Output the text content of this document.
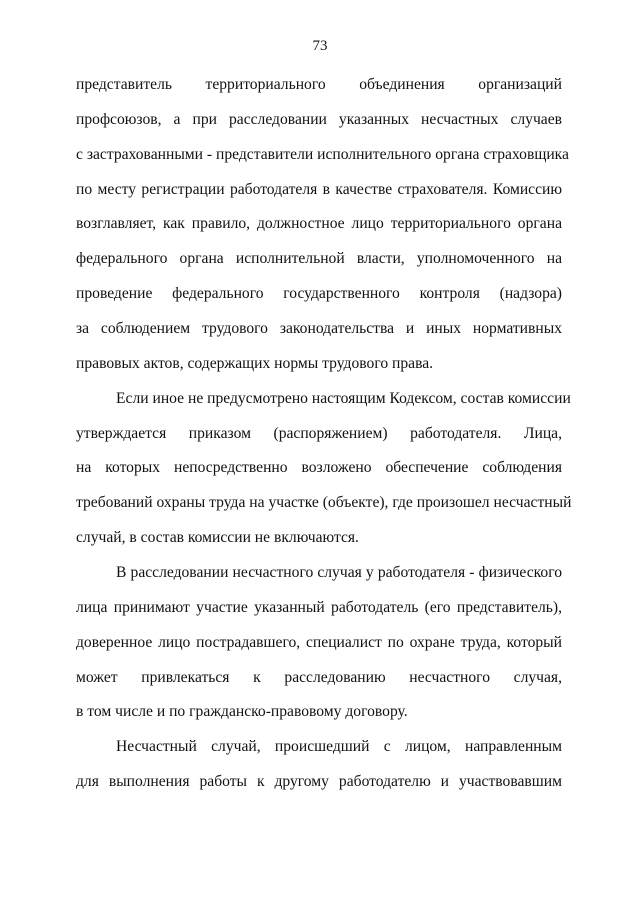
73
представитель территориального объединения организаций
профсоюзов, а при расследовании указанных несчастных случаев
с застрахованными - представители исполнительного органа страховщика
по месту регистрации работодателя в качестве страхователя. Комиссию
возглавляет, как правило, должностное лицо территориального органа
федерального органа исполнительной власти, уполномоченного на
проведение федерального государственного контроля (надзора)
за соблюдением трудового законодательства и иных нормативных
правовых актов, содержащих нормы трудового права.
Если иное не предусмотрено настоящим Кодексом, состав комиссии
утверждается приказом (распоряжением) работодателя. Лица,
на которых непосредственно возложено обеспечение соблюдения
требований охраны труда на участке (объекте), где произошел несчастный
случай, в состав комиссии не включаются.
В расследовании несчастного случая у работодателя - физического
лица принимают участие указанный работодатель (его представитель),
доверенное лицо пострадавшего, специалист по охране труда, который
может привлекаться к расследованию несчастного случая,
в том числе и по гражданско-правовому договору.
Несчастный случай, происшедший с лицом, направленным
для выполнения работы к другому работодателю и участвовавшим
